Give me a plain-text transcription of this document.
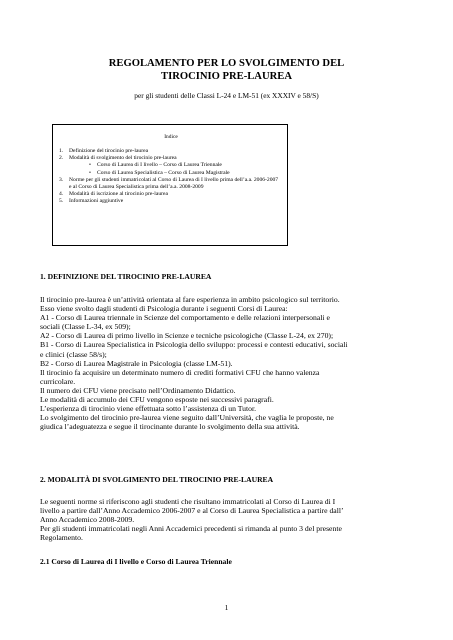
REGOLAMENTO PER LO SVOLGIMENTO DEL
TIROCINIO PRE-LAUREA
per gli studenti delle Classi L-24 e LM-51 (ex XXXIV e 58/S)
Indice
1. Definizione del tirocinio pre-laurea
2. Modalità di svolgimento del tirocinio pre-laurea
• Corso di Laurea di I livello – Corso di Laurea Triennale
• Corso di Laurea Specialistica – Corso di Laurea Magistrale
3. Norme per gli studenti immatricolati al Corso di Laurea di I livello prima dell’a.a. 2006-2007 e al Corso di Laurea Specialistica prima dell’a.a. 2008-2009
4. Modalità di iscrizione al tirocinio pre-laurea
5. Informazioni aggiuntive
1. DEFINIZIONE DEL TIROCINIO PRE-LAUREA
Il tirocinio pre-laurea è un’attività orientata al fare esperienza in ambito psicologico sul territorio.
Esso viene svolto dagli studenti di Psicologia durante i seguenti Corsi di Laurea:
A1 - Corso di Laurea triennale in Scienze del comportamento e delle relazioni interpersonali e
sociali (Classe L-34, ex 509);
A2 - Corso di Laurea di primo livello in Scienze e tecniche psicologiche (Classe L-24, ex 270);
B1 - Corso di Laurea Specialistica in Psicologia dello sviluppo: processi e contesti educativi, sociali
e clinici (classe 58/s);
B2 - Corso di Laurea Magistrale in Psicologia (classe LM-51).
Il tirocinio fa acquisire un determinato numero di crediti formativi CFU che hanno valenza
curricolare.
Il numero dei CFU viene precisato nell’Ordinamento Didattico.
Le modalità di accumulo dei CFU vengono esposte nei successivi paragrafi.
L’esperienza di tirocinio viene effettuata sotto l’assistenza di un Tutor.
Lo svolgimento del tirocinio pre-laurea viene seguito dall’Università, che vaglia le proposte, ne
giudica l’adeguatezza e segue il tirocinante durante lo svolgimento della sua attività.
2. MODALITÀ DI SVOLGIMENTO DEL TIROCINIO PRE-LAUREA
Le seguenti norme si riferiscono agli studenti che risultano immatricolati al Corso di Laurea di I
livello a partire dall’Anno Accademico 2006-2007 e al Corso di Laurea Specialistica a partire dall’
Anno Accademico 2008-2009.
Per gli studenti immatricolati negli Anni Accademici precedenti si rimanda al punto 3 del presente
Regolamento.
2.1 Corso di Laurea di I livello e Corso di Laurea Triennale
1
